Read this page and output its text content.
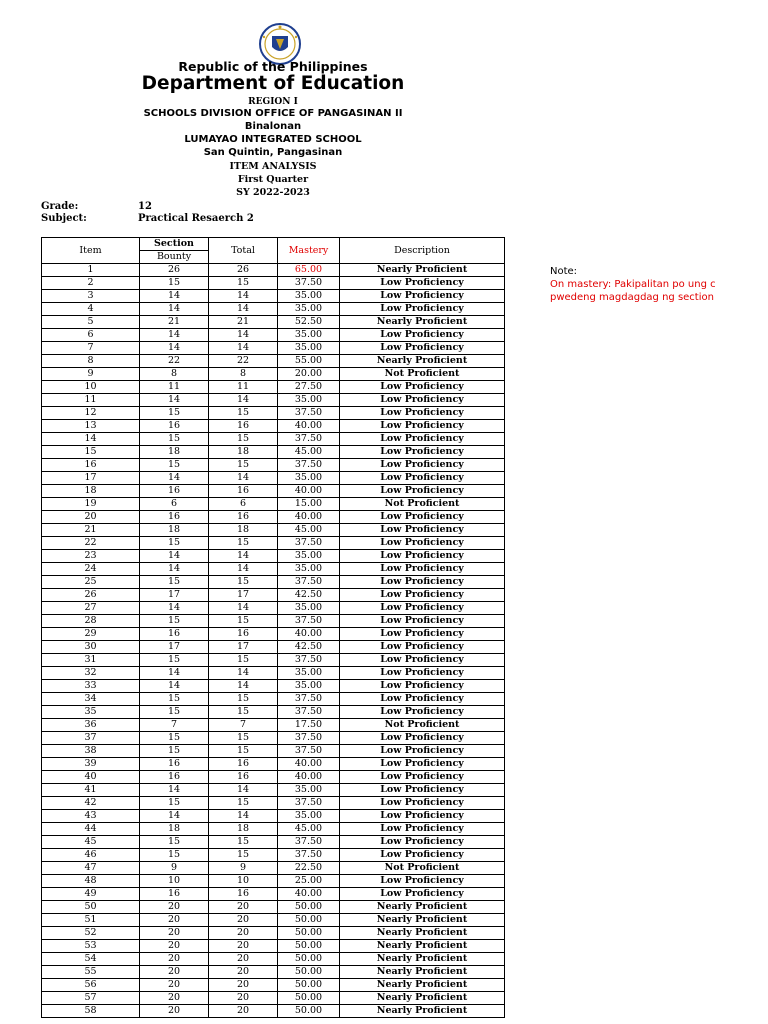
Republic of the Philippines
Department of Education
REGION I
SCHOOLS DIVISION OFFICE OF PANGASINAN II
Binalonan
LUMAYAO INTEGRATED SCHOOL
San Quintin, Pangasinan
ITEM ANALYSIS
First Quarter
SY 2022-2023
Grade:	12
Subject:	Practical Resaerch 2
Item	Section	Total	Mastery	Description
	Bounty			
1	26	26	65.00	Nearly Proficient
2	15	15	37.50	Low Proficiency
3	14	14	35.00	Low Proficiency
4	14	14	35.00	Low Proficiency
5	21	21	52.50	Nearly Proficient
6	14	14	35.00	Low Proficiency
7	14	14	35.00	Low Proficiency
8	22	22	55.00	Nearly Proficient
9	8	8	20.00	Not Proficient
10	11	11	27.50	Low Proficiency
11	14	14	35.00	Low Proficiency
12	15	15	37.50	Low Proficiency
13	16	16	40.00	Low Proficiency
14	15	15	37.50	Low Proficiency
15	18	18	45.00	Low Proficiency
16	15	15	37.50	Low Proficiency
17	14	14	35.00	Low Proficiency
18	16	16	40.00	Low Proficiency
19	6	6	15.00	Not Proficient
20	16	16	40.00	Low Proficiency
21	18	18	45.00	Low Proficiency
22	15	15	37.50	Low Proficiency
23	14	14	35.00	Low Proficiency
24	14	14	35.00	Low Proficiency
25	15	15	37.50	Low Proficiency
26	17	17	42.50	Low Proficiency
27	14	14	35.00	Low Proficiency
28	15	15	37.50	Low Proficiency
29	16	16	40.00	Low Proficiency
30	17	17	42.50	Low Proficiency
31	15	15	37.50	Low Proficiency
32	14	14	35.00	Low Proficiency
33	14	14	35.00	Low Proficiency
34	15	15	37.50	Low Proficiency
35	15	15	37.50	Low Proficiency
36	7	7	17.50	Not Proficient
37	15	15	37.50	Low Proficiency
38	15	15	37.50	Low Proficiency
39	16	16	40.00	Low Proficiency
40	16	16	40.00	Low Proficiency
41	14	14	35.00	Low Proficiency
42	15	15	37.50	Low Proficiency
43	14	14	35.00	Low Proficiency
44	18	18	45.00	Low Proficiency
45	15	15	37.50	Low Proficiency
46	15	15	37.50	Low Proficiency
47	9	9	22.50	Not Proficient
48	10	10	25.00	Low Proficiency
49	16	16	40.00	Low Proficiency
50	20	20	50.00	Nearly Proficient
51	20	20	50.00	Nearly Proficient
52	20	20	50.00	Nearly Proficient
53	20	20	50.00	Nearly Proficient
54	20	20	50.00	Nearly Proficient
55	20	20	50.00	Nearly Proficient
56	20	20	50.00	Nearly Proficient
57	20	20	50.00	Nearly Proficient
58	20	20	50.00	Nearly Proficient
Note:
On mastery: Pakipalitan po ung c
pwedeng magdagdag ng section
